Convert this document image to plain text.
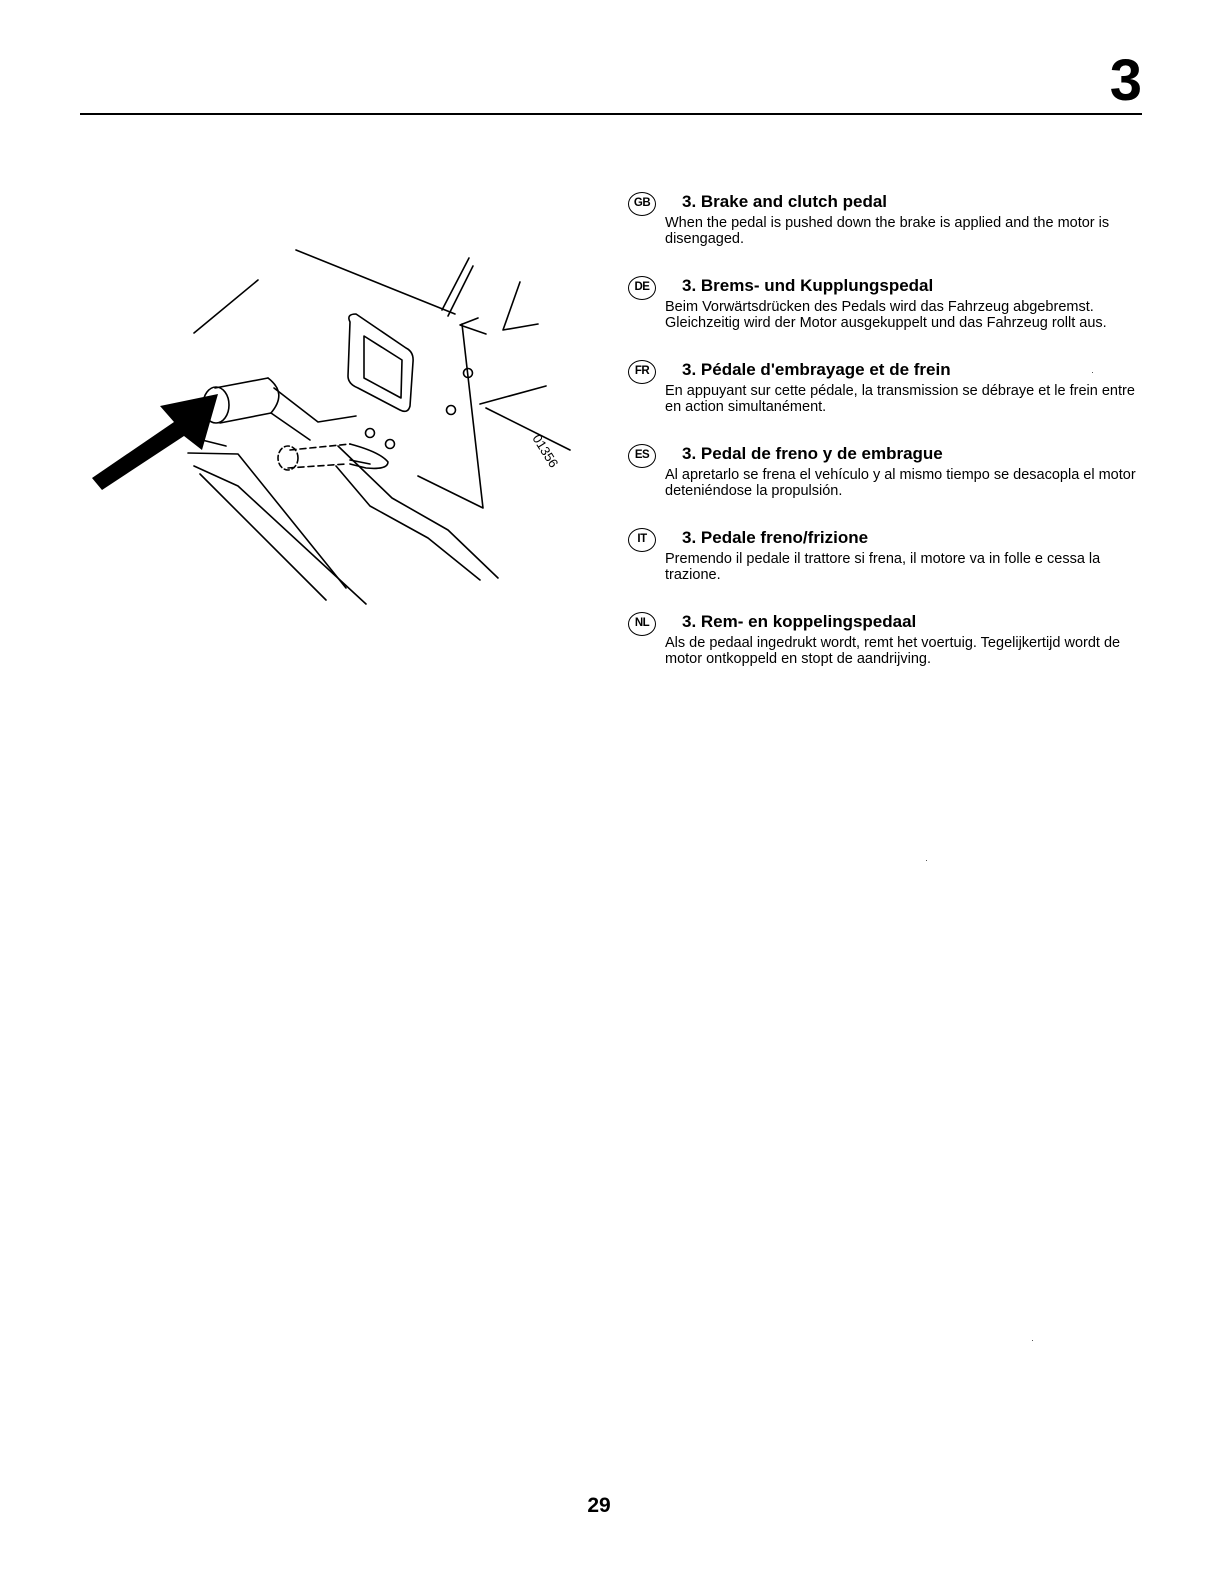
3
01356
GB	3. Brake and clutch pedal

When the pedal is pushed down the brake is applied and the motor is disengaged.

DE	3. Brems- und Kupplungspedal

Beim Vorwärtsdrücken des Pedals wird das Fahrzeug abgebremst. Gleichzeitig wird der Motor ausgekuppelt und das Fahrzeug rollt aus.

FR	3. Pédale d'embrayage et de frein

En appuyant sur cette pédale, la transmission se débraye et le frein entre en action simultanément.

ES	3. Pedal de freno y de embrague

Al apretarlo se frena el vehículo y al mismo tiempo se desacopla el motor deteniéndose la propulsión.

IT	3. Pedale freno/frizione

Premendo il pedale il trattore si frena, il motore va in folle e cessa la trazione.

NL	3. Rem- en koppelingspedaal

Als de pedaal ingedrukt wordt, remt het voertuig. Tegelijkertijd wordt de motor ontkoppeld en stopt de aandrijving.

29
